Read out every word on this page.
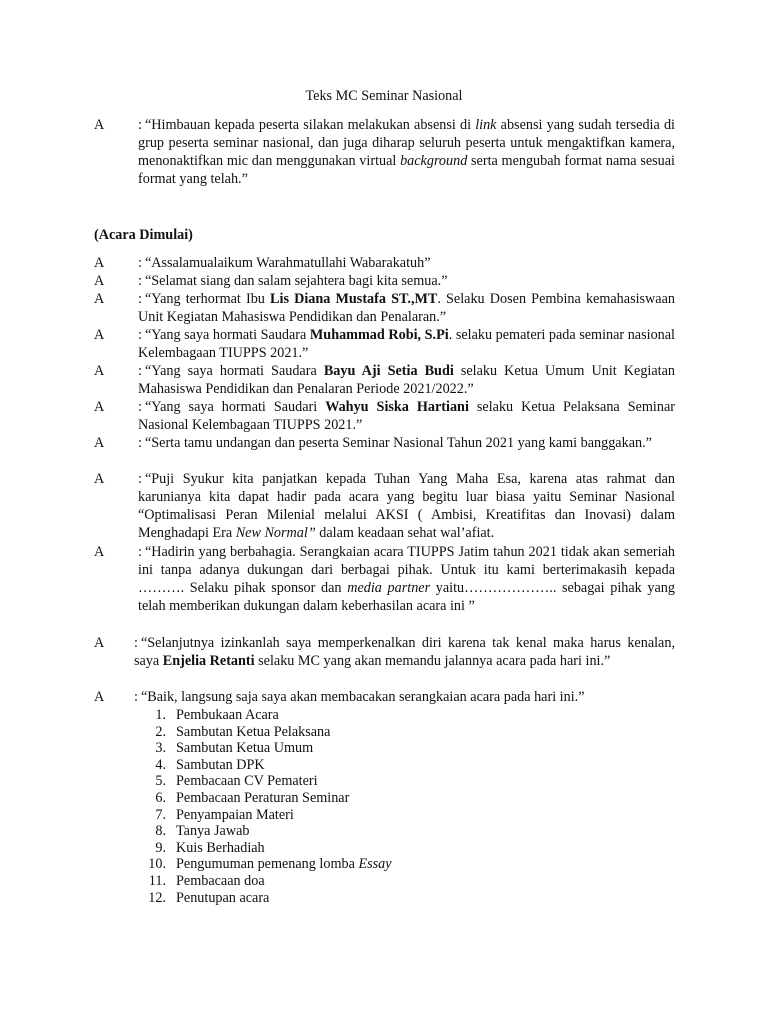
Teks MC Seminar Nasional
A : “Himbauan kepada peserta silakan melakukan absensi di link absensi yang sudah tersedia di grup peserta seminar nasional, dan juga diharap seluruh peserta untuk mengaktifkan kamera, menonaktifkan mic dan menggunakan virtual background serta mengubah format nama sesuai format yang telah.”
(Acara Dimulai)
A : “Assalamualaikum Warahmatullahi Wabarakatuh”
A : “Selamat siang dan salam sejahtera bagi kita semua.”
A : “Yang terhormat Ibu Lis Diana Mustafa ST.,MT. Selaku Dosen Pembina kemahasiswaan Unit Kegiatan Mahasiswa Pendidikan dan Penalaran.”
A : “Yang saya hormati Saudara Muhammad Robi, S.Pi. selaku pemateri pada seminar nasional Kelembagaan TIUPPS 2021.”
A : “Yang saya hormati Saudara Bayu Aji Setia Budi selaku Ketua Umum Unit Kegiatan Mahasiswa Pendidikan dan Penalaran Periode 2021/2022.”
A : “Yang saya hormati Saudari Wahyu Siska Hartiani selaku Ketua Pelaksana Seminar Nasional Kelembagaan TIUPPS 2021.”
A : “Serta tamu undangan dan peserta Seminar Nasional Tahun 2021 yang kami banggakan.”
A : “Puji Syukur kita panjatkan kepada Tuhan Yang Maha Esa, karena atas rahmat dan karunianya kita dapat hadir pada acara yang begitu luar biasa yaitu Seminar Nasional “Optimalisasi Peran Milenial melalui AKSI ( Ambisi, Kreatifitas dan Inovasi) dalam Menghadapi Era New Normal” dalam keadaan sehat wal’afiat.
A : “Hadirin yang berbahagia. Serangkaian acara TIUPPS Jatim tahun 2021 tidak akan semeriah ini tanpa adanya dukungan dari berbagai pihak. Untuk itu kami berterimakasih kepada ………. Selaku pihak sponsor dan media partner yaitu……………….. sebagai pihak yang telah memberikan dukungan dalam keberhasilan acara ini ”
A : “Selanjutnya izinkanlah saya memperkenalkan diri karena tak kenal maka harus kenalan, saya Enjelia Retanti selaku MC yang akan memandu jalannya acara pada hari ini.”
A : “Baik, langsung saja saya akan membacakan serangkaian acara pada hari ini.”
1. Pembukaan Acara
2. Sambutan Ketua Pelaksana
3. Sambutan Ketua Umum
4. Sambutan DPK
5. Pembacaan CV Pemateri
6. Pembacaan Peraturan Seminar
7. Penyampaian Materi
8. Tanya Jawab
9. Kuis Berhadiah
10. Pengumuman pemenang lomba Essay
11. Pembacaan doa
12. Penutupan acara
